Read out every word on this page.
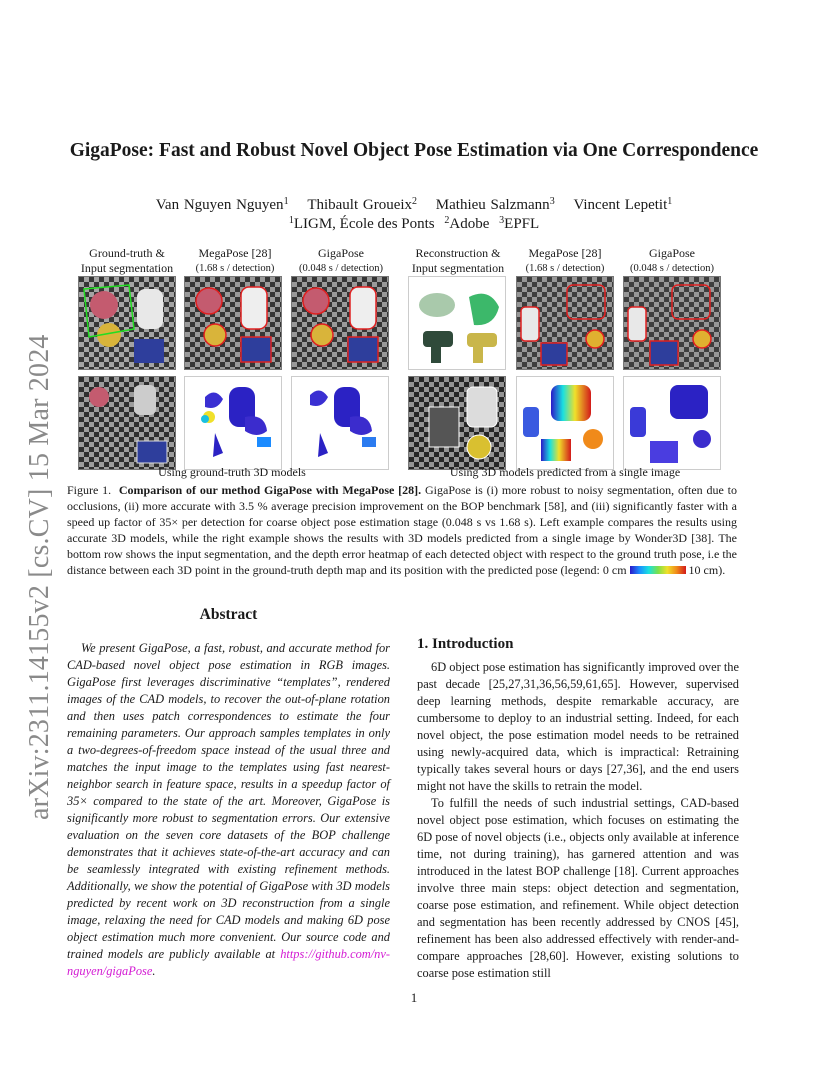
arXiv:2311.14155v2 [cs.CV] 15 Mar 2024
GigaPose: Fast and Robust Novel Object Pose Estimation via One Correspondence
Van Nguyen Nguyen$^1$ Thibault Groueix$^2$ Mathieu Salzmann$^3$ Vincent Lepetit$^1$
$^1$LIGM, École des Ponts $^2$Adobe $^3$EPFL
Ground-truth &
Input segmentation
MegaPose [28]
(1.68 s / detection)
GigaPose
(0.048 s / detection)
Reconstruction &
Input segmentation
MegaPose [28]
(1.68 s / detection)
GigaPose
(0.048 s / detection)
Using ground-truth 3D models	Using 3D models predicted from a single image
Figure 1. Comparison of our method GigaPose with MegaPose [28]. GigaPose is (i) more robust to noisy segmentation, often due to occlusions, (ii) more accurate with 3.5 % average precision improvement on the BOP benchmark [58], and (iii) significantly faster with a speed up factor of 35× per detection for coarse object pose estimation stage (0.048 s vs 1.68 s). Left example compares the results using accurate 3D models, while the right example shows the results with 3D models predicted from a single image by Wonder3D [38]. The bottom row shows the input segmentation, and the depth error heatmap of each detected object with respect to the ground truth pose, i.e the distance between each 3D point in the ground-truth depth map and its position with the predicted pose (legend: 0 cm	10 cm).
Abstract
We present GigaPose, a fast, robust, and accurate method for CAD-based novel object pose estimation in RGB images. GigaPose first leverages discriminative “templates”, rendered images of the CAD models, to recover the out-of-plane rotation and then uses patch correspondences to estimate the four remaining parameters. Our approach samples templates in only a two-degrees-of-freedom space instead of the usual three and matches the input image to the templates using fast nearest-neighbor search in feature space, results in a speedup factor of 35× compared to the state of the art. Moreover, GigaPose is significantly more robust to segmentation errors. Our extensive evaluation on the seven core datasets of the BOP challenge demonstrates that it achieves state-of-the-art accuracy and can be seamlessly integrated with existing refinement methods. Additionally, we show the potential of GigaPose with 3D models predicted by recent work on 3D reconstruction from a single image, relaxing the need for CAD models and making 6D pose object estimation much more convenient. Our source code and trained models are publicly available at https://github.com/nv-nguyen/gigaPose.
1. Introduction

6D object pose estimation has significantly improved over the past decade [25,27,31,36,56,59,61,65]. However, supervised deep learning methods, despite remarkable accuracy, are cumbersome to deploy to an industrial setting. Indeed, for each novel object, the pose estimation model needs to be retrained using newly-acquired data, which is impractical: Retraining typically takes several hours or days [27,36], and the end users might not have the skills to retrain the model.

To fulfill the needs of such industrial settings, CAD-based novel object pose estimation, which focuses on estimating the 6D pose of novel objects (i.e., objects only available at inference time, not during training), has garnered attention and was introduced in the latest BOP challenge [18]. Current approaches involve three main steps: object detection and segmentation, coarse pose estimation, and refinement. While object detection and segmentation has been recently addressed by CNOS [45], refinement has been also addressed effectively with render-and-compare approaches [28,60]. However, existing solutions to coarse pose estimation still

1
